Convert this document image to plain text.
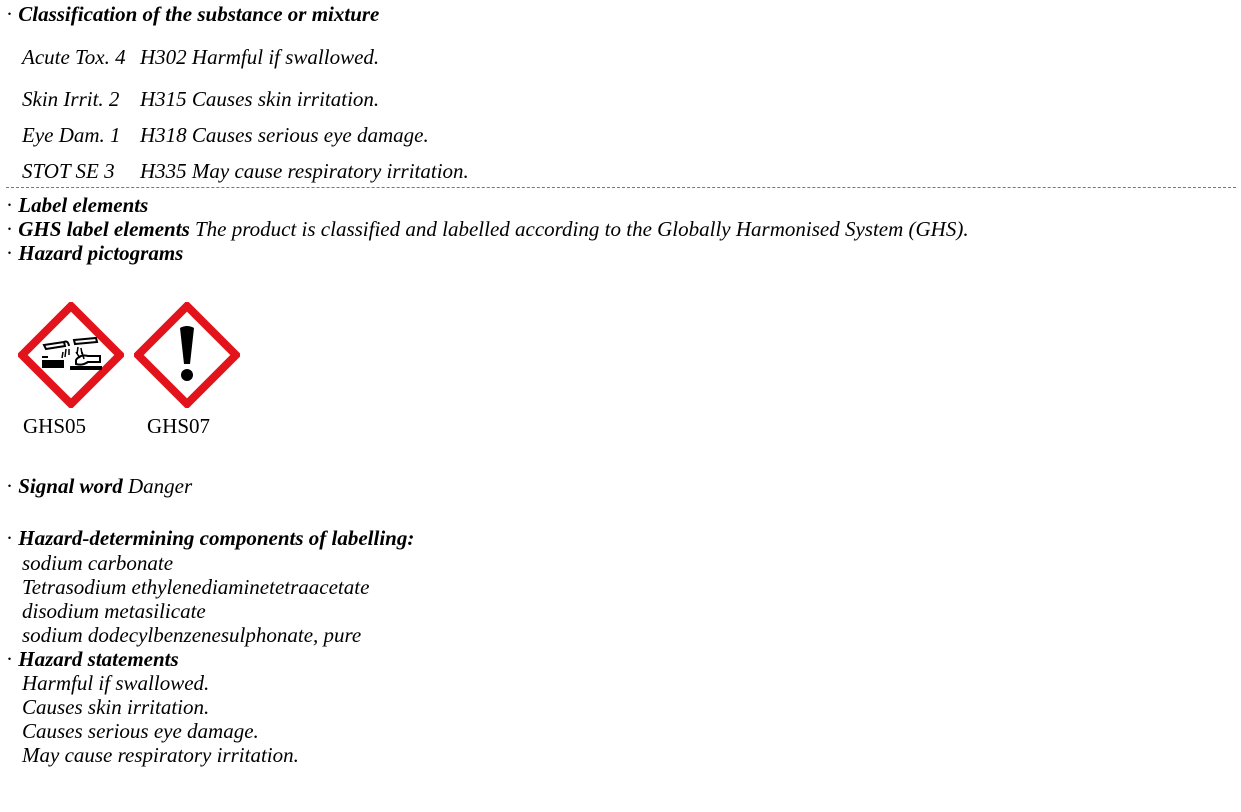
· Classification of the substance or mixture
Acute Tox. 4 H302 Harmful if swallowed.
Skin Irrit. 2 H315 Causes skin irritation.
Eye Dam. 1 H318 Causes serious eye damage.
STOT SE 3 H335 May cause respiratory irritation.
· Label elements
· GHS label elements The product is classified and labelled according to the Globally Harmonised System (GHS).
· Hazard pictograms
GHS05	GHS07
· Signal word Danger
· Hazard-determining components of labelling:
sodium carbonate
Tetrasodium ethylenediaminetetraacetate
disodium metasilicate
sodium dodecylbenzenesulphonate, pure
· Hazard statements
Harmful if swallowed.
Causes skin irritation.
Causes serious eye damage.
May cause respiratory irritation.
